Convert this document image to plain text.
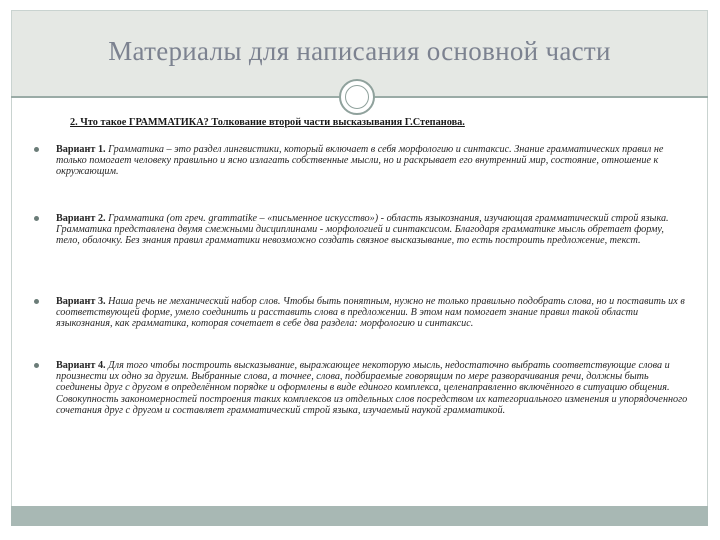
Материалы для написания основной части
2. Что такое ГРАММАТИКА? Толкование второй части высказывания Г.Степанова.
Вариант 1. Грамматика – это раздел лингвистики, который включает в себя морфологию и синтаксис. Знание грамматических правил не только помогает человеку правильно и ясно излагать собственные мысли, но и раскрывает его внутренний мир, состояние, отношение к окружающим.
Вариант 2. Грамматика (от греч. grammatike – «письменное искусство») - область языкознания, изучающая грамматический строй языка. Грамматика представлена двумя смежными дисциплинами - морфологией и синтаксисом. Благодаря грамматике мысль обретает форму, тело, оболочку. Без знания правил грамматики невозможно создать связное высказывание, то есть построить предложение, текст.
Вариант 3. Наша речь не механический набор слов. Чтобы быть понятным, нужно не только правильно подобрать слова, но и поставить их в соответствующей форме, умело соединить и расставить слова в предложении. В этом нам помогает знание правил такой области языкознания, как грамматика, которая сочетает в себе два раздела: морфологию и синтаксис.
Вариант 4. Для того чтобы построить высказывание, выражающее некоторую мысль, недостаточно выбрать соответствующие слова и произнести их одно за другим. Выбранные слова, а точнее, слова, подбираемые говорящим по мере разворачивания речи, должны быть соединены друг с другом в определённом порядке и оформлены в виде единого комплекса, целенаправленно включённого в ситуацию общения. Совокупность закономерностей построения таких комплексов из отдельных слов посредством их категориального изменения и упорядоченного сочетания друг с другом и составляет грамматический строй языка, изучаемый наукой грамматикой.
